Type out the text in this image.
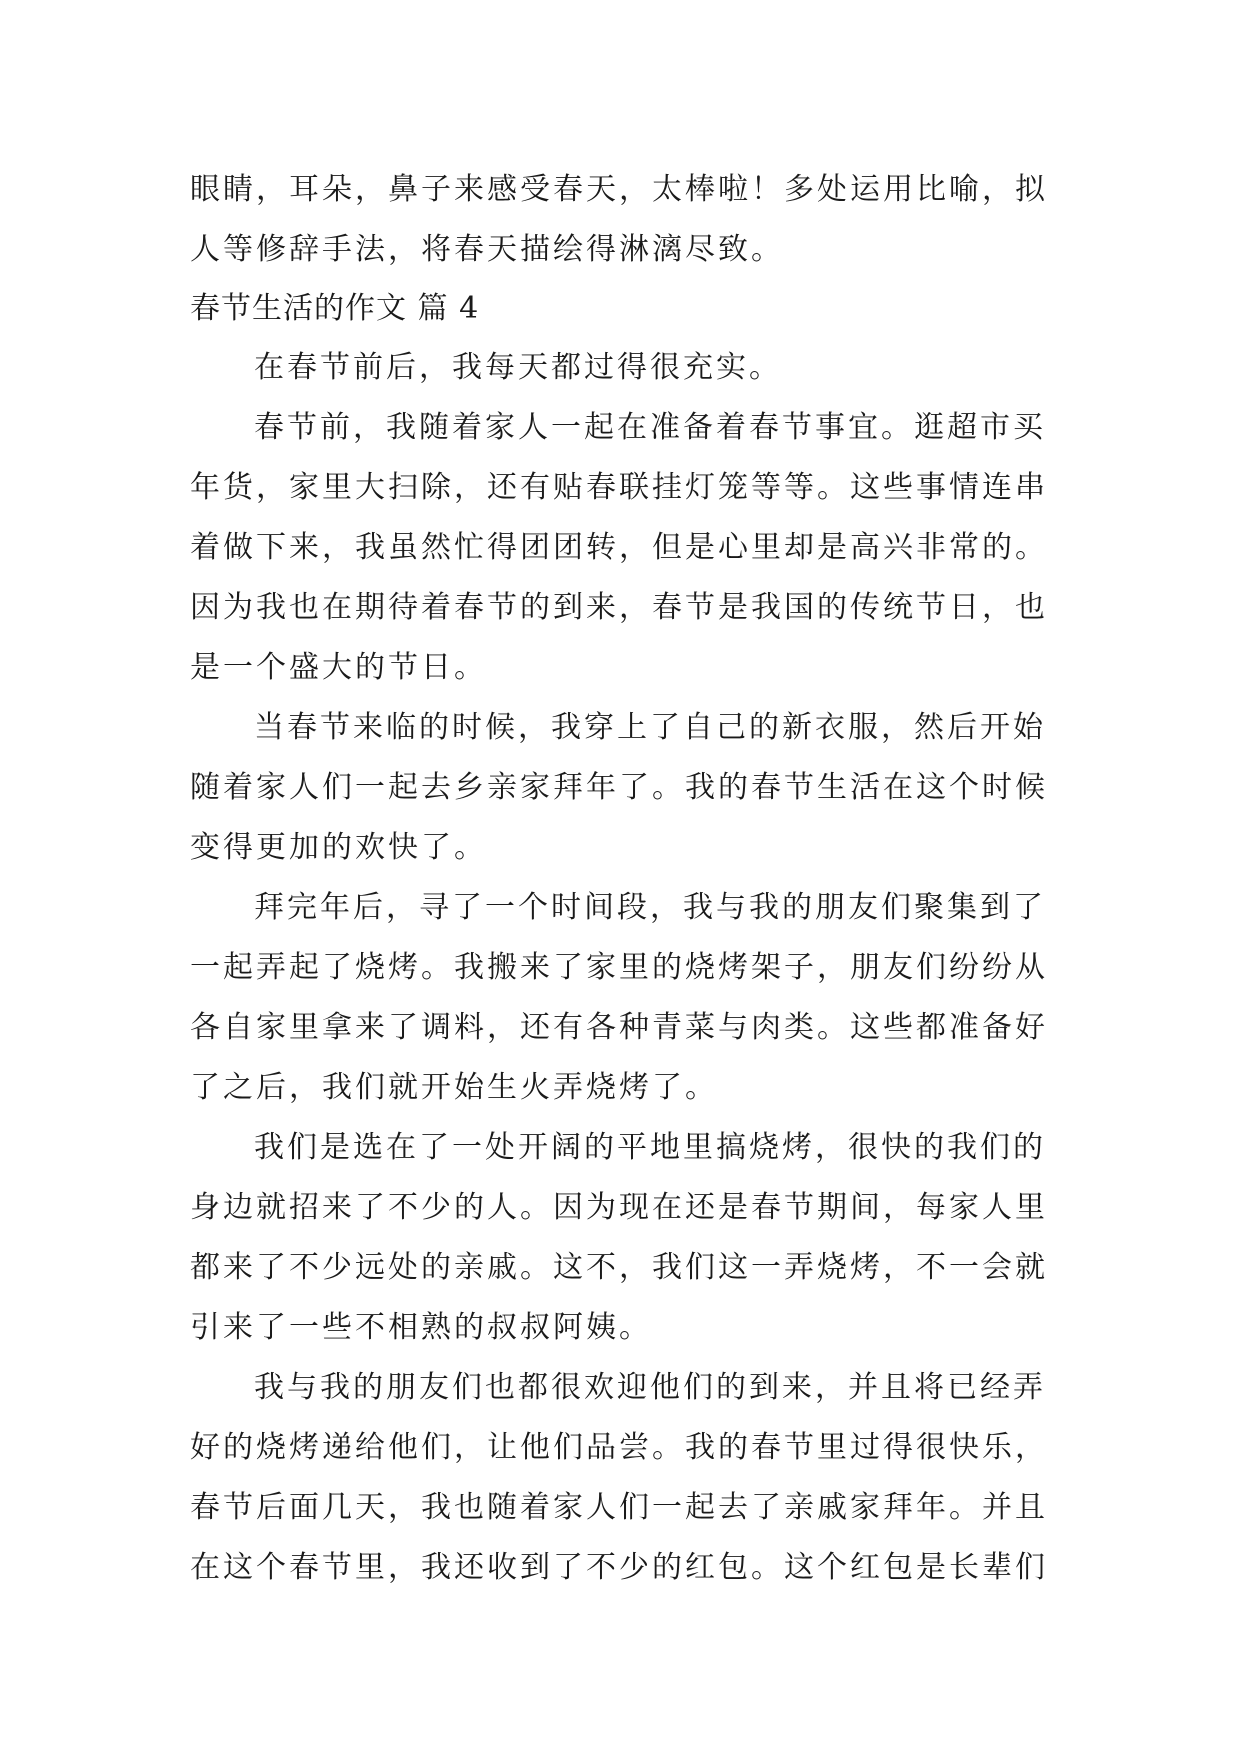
眼睛，耳朵，鼻子来感受春天，太棒啦！多处运用比喻，拟
人等修辞手法，将春天描绘得淋漓尽致。
春节生活的作文 篇 4
在春节前后，我每天都过得很充实。
春节前，我随着家人一起在准备着春节事宜。逛超市买
年货，家里大扫除，还有贴春联挂灯笼等等。这些事情连串
着做下来，我虽然忙得团团转，但是心里却是高兴非常的。
因为我也在期待着春节的到来，春节是我国的传统节日，也
是一个盛大的节日。
当春节来临的时候，我穿上了自己的新衣服，然后开始
随着家人们一起去乡亲家拜年了。我的春节生活在这个时候
变得更加的欢快了。
拜完年后，寻了一个时间段，我与我的朋友们聚集到了
一起弄起了烧烤。我搬来了家里的烧烤架子，朋友们纷纷从
各自家里拿来了调料，还有各种青菜与肉类。这些都准备好
了之后，我们就开始生火弄烧烤了。
我们是选在了一处开阔的平地里搞烧烤，很快的我们的
身边就招来了不少的人。因为现在还是春节期间，每家人里
都来了不少远处的亲戚。这不，我们这一弄烧烤，不一会就
引来了一些不相熟的叔叔阿姨。
我与我的朋友们也都很欢迎他们的到来，并且将已经弄
好的烧烤递给他们，让他们品尝。我的春节里过得很快乐，
春节后面几天，我也随着家人们一起去了亲戚家拜年。并且
在这个春节里，我还收到了不少的红包。这个红包是长辈们
